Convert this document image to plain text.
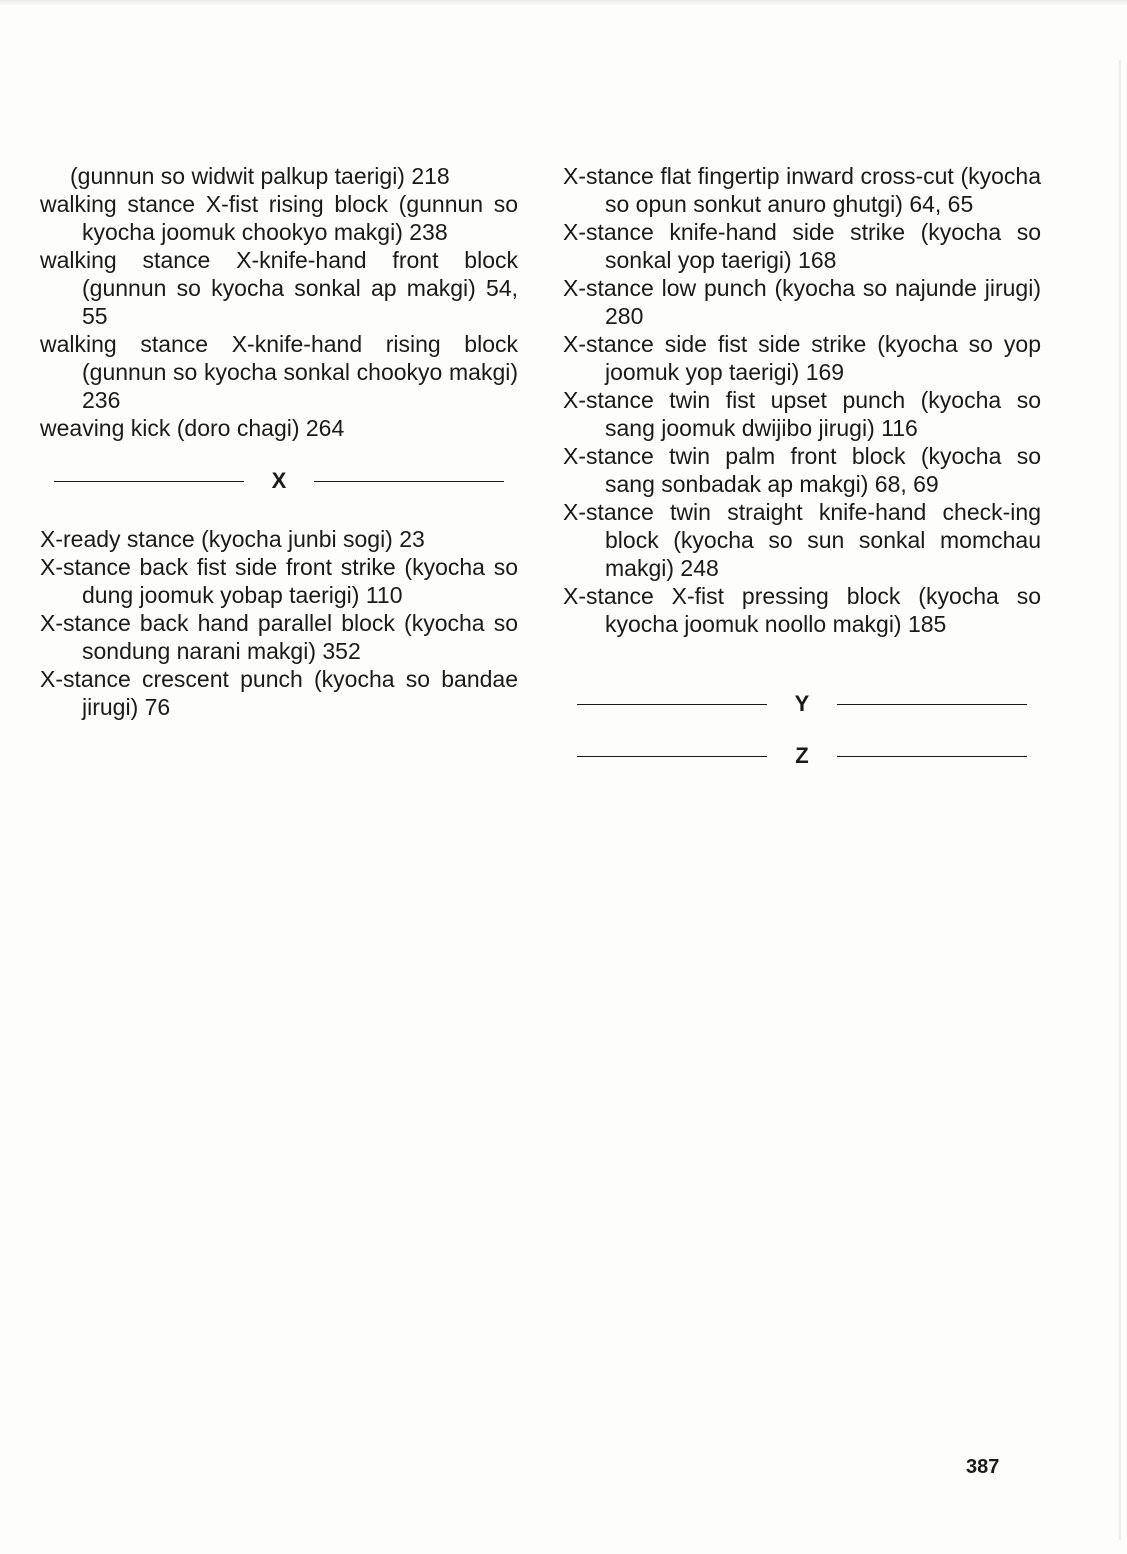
(gunnun so widwit palkup taerigi) 218

walking stance X-fist rising block (gunnun so kyocha joomuk chookyo makgi) 238

walking stance X-knife-hand front block (gunnun so kyocha sonkal ap makgi) 54, 55

walking stance X-knife-hand rising block (gunnun so kyocha sonkal chookyo makgi) 236

weaving kick (doro chagi) 264

X

X-ready stance (kyocha junbi sogi) 23

X-stance back fist side front strike (kyocha so dung joomuk yobap taerigi) 110

X-stance back hand parallel block (kyocha so sondung narani makgi) 352

X-stance crescent punch (kyocha so bandae jirugi) 76

X-stance flat fingertip inward cross-cut (kyocha so opun sonkut anuro ghutgi) 64, 65

X-stance knife-hand side strike (kyocha so sonkal yop taerigi) 168

X-stance low punch (kyocha so najunde jirugi) 280

X-stance side fist side strike (kyocha so yop joomuk yop taerigi) 169

X-stance twin fist upset punch (kyocha so sang joomuk dwijibo jirugi) 116

X-stance twin palm front block (kyocha so sang sonbadak ap makgi) 68, 69

X-stance twin straight knife-hand check-ing block (kyocha so sun sonkal momchau makgi) 248

X-stance X-fist pressing block (kyocha so kyocha joomuk noollo makgi) 185

Y
Z
387
